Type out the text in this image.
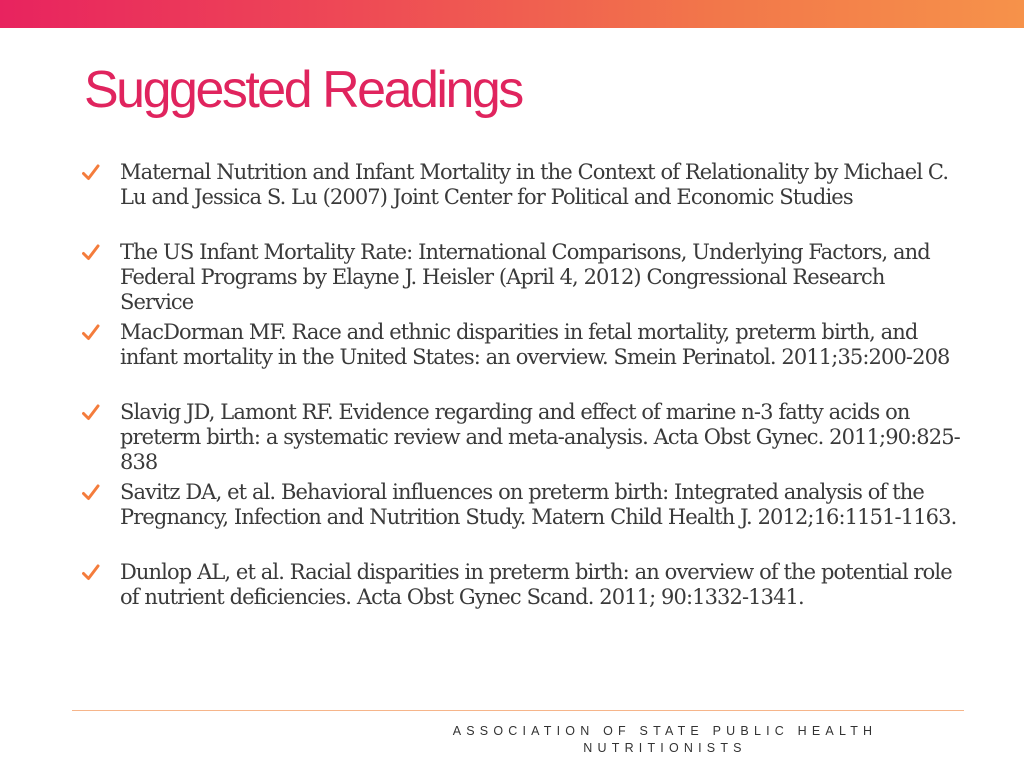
Suggested Readings
Maternal Nutrition and Infant Mortality in the Context of Relationality by Michael C. Lu and Jessica S. Lu (2007) Joint Center for Political and Economic Studies
The US Infant Mortality Rate: International Comparisons, Underlying Factors, and Federal Programs by Elayne J. Heisler (April 4, 2012) Congressional Research Service
MacDorman MF. Race and ethnic disparities in fetal mortality, preterm birth, and infant mortality in the United States: an overview. Smein Perinatol. 2011;35:200-208
Slavig JD, Lamont RF. Evidence regarding and effect of marine n-3 fatty acids on preterm birth: a systematic review and meta-analysis. Acta Obst Gynec. 2011;90:825-838
Savitz DA, et al. Behavioral influences on preterm birth: Integrated analysis of the Pregnancy, Infection and Nutrition Study. Matern Child Health J. 2012;16:1151-1163.
Dunlop AL, et al. Racial disparities in preterm birth: an overview of the potential role of nutrient deficiencies. Acta Obst Gynec Scand. 2011; 90:1332-1341.
ASSOCIATION OF STATE PUBLIC HEALTH NUTRITIONISTS
